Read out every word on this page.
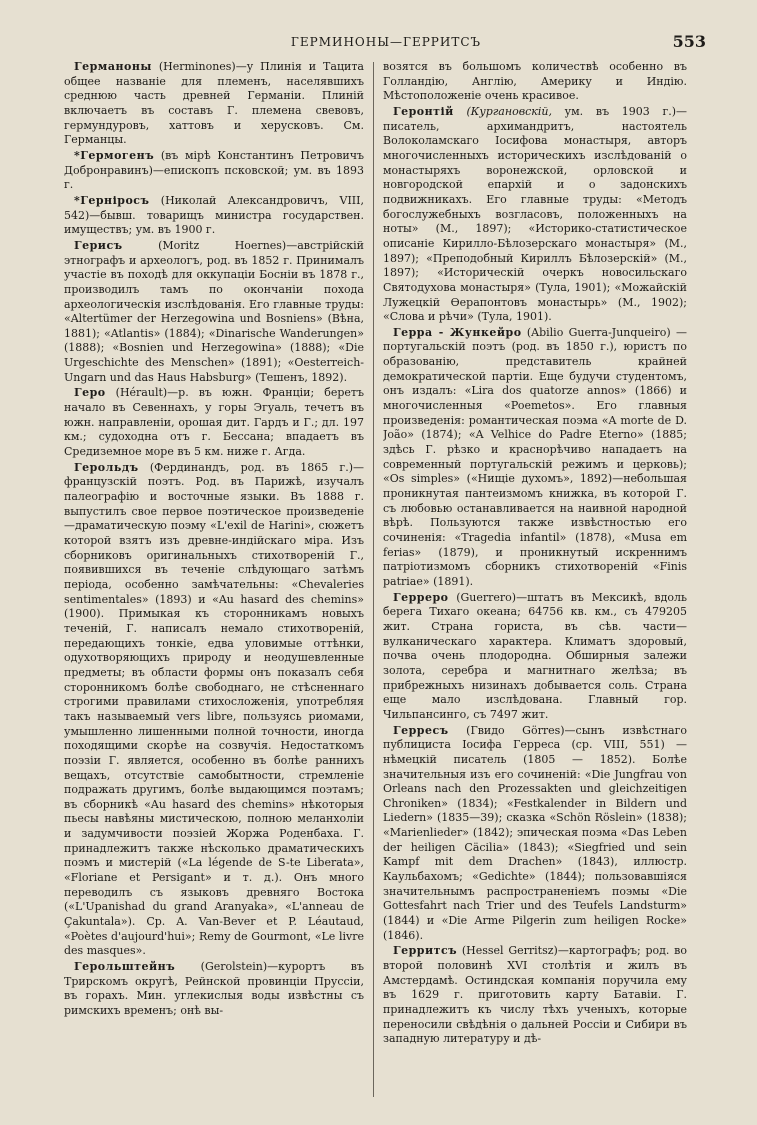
ГЕРМИНОНЫ—ГЕРРИТСЪ	553

Германоны (Herminones)—у Плинія и Тацита общее названіе для племенъ, населявшихъ среднюю часть древней Германіи. Плиній включаетъ въ составъ Г. племена свевовъ, гермундуровъ, хаттовъ и херусковъ. См. Германцы.

*Гермогенъ (въ мірѣ Константинъ Петровичъ Добронравинъ)—епископъ псковской; ум. въ 1893 г.

*Герніросъ (Николай Александровичъ, VIII, 542)—бывш. товарищъ министра государствен. имуществъ; ум. въ 1900 г.

Герисъ (Moritz Hoernes)—австрійскій этнографъ и археологъ, род. въ 1852 г. Принималъ участіе въ походѣ для оккупаціи Босніи въ 1878 г., производилъ тамъ по окончаніи похода археологическія изслѣдованія. Его главные труды: «Altertümer der Herzegowina und Bosniens» (Вѣна, 1881); «Atlantis» (1884); «Dinarische Wanderungen» (1888); «Bosnien und Herzegowina» (1888); «Die Urgeschichte des Menschen» (1891); «Oesterreich-Ungarn und das Haus Habsburg» (Тешенъ, 1892).

Геро (Hérault)—р. въ южн. Франціи; беретъ начало въ Севеннахъ, у горы Эгуаль, течетъ въ южн. направленіи, орошая дит. Гардъ и Г.; дл. 197 км.; судоходна отъ г. Бессана; впадаетъ въ Средиземное море въ 5 км. ниже г. Агда.

Герольдъ (Фердинандъ, род. въ 1865 г.)—французскій поэтъ. Род. въ Парижѣ, изучалъ палеографію и восточные языки. Въ 1888 г. выпустилъ свое первое поэтическое произведеніе —драматическую поэму «L'exil de Harini», сюжетъ которой взятъ изъ древне-индійскаго міра. Изъ сборниковъ оригинальныхъ стихотвореній Г., появившихся въ теченіе слѣдующаго затѣмъ періода, особенно замѣчательны: «Chevaleries sentimentales» (1893) и «Au hasard des chemins» (1900). Примыкая къ сторонникамъ новыхъ теченій, Г. написалъ немало стихотвореній, передающихъ тонкіе, едва уловимые оттѣнки, одухотворяющихъ природу и неодушевленные предметы; въ области формы онъ показалъ себя сторонникомъ болѣе свободнаго, не стѣсненнаго строгими правилами стихосложенія, употребляя такъ называемый vers libre, пользуясь риомами, умышленно лишенными полной точности, иногда походящими скорѣе на созвучія. Недостаткомъ поэзіи Г. является, особенно въ болѣе раннихъ вещахъ, отсутствіе самобытности, стремленіе подражать другимъ, болѣе выдающимся поэтамъ; въ сборникѣ «Au hasard des chemins» нѣкоторыя пьесы навѣяны мистическою, полною меланхоліи и задумчивости поэзіей Жоржа Роденбаха. Г. принадлежитъ также нѣсколько драматическихъ поэмъ и мистерій («La légende de S-te Liberata», «Floriane et Persigant» и т. д.). Онъ много переводилъ съ языковъ древняго Востока («L'Upanishad du grand Aranyaka», «L'anneau de Çakuntala»). Ср. A. Van-Bever et P. Léautaud, «Poètes d'aujourd'hui»; Remy de Gourmont, «Le livre des masques».

Герольштейнъ (Gerolstein)—курортъ въ Трирскомъ округѣ, Рейнской провинціи Пруссіи, въ горахъ. Мин. углекислыя воды извѣстны съ римскихъ временъ; онѣ вы-

возятся въ большомъ количествѣ особенно въ Голландію, Англію, Америку и Индію. Мѣстоположеніе очень красивое.

Геронтій (Кургановскій, ум. въ 1903 г.)—писатель, архимандритъ, настоятель Волоколамскаго Іосифова монастыря, авторъ многочисленныхъ историческихъ изслѣдованій о монастыряхъ воронежской, орловской и новгородской епархій и о задонскихъ подвижникахъ. Его главные труды: «Методъ богослужебныхъ возгласовъ, положенныхъ на ноты» (М., 1897); «Историко-статистическое описаніе Кирилло-Бѣлозерскаго монастыря» (М., 1897); «Преподобный Кириллъ Бѣлозерскій» (М., 1897); «Историческій очеркъ новосильскаго Святодухова монастыря» (Тула, 1901); «Можайскій Лужецкій Өерапонтовъ монастырь» (М., 1902); «Слова и рѣчи» (Тула, 1901).

Герра - Жункейро (Abilio Guerra-Junqueiro) — португальскій поэтъ (род. въ 1850 г.), юристъ по образованію, представитель крайней демократической партіи. Еще будучи студентомъ, онъ издалъ: «Lira dos quatorze annos» (1866) и многочисленныя «Poemetos». Его главныя произведенія: романтическая поэма «A morte de D. João» (1874); «A Velhice do Padre Eterno» (1885; здѣсь Г. рѣзко и краснорѣчиво нападаетъ на современный португальскій режимъ и церковь); «Os simples» («Нищіе духомъ», 1892)—небольшая проникнутая пантеизмомъ книжка, въ которой Г. съ любовью останавливается на наивной народной вѣрѣ. Пользуются также извѣстностью его сочиненія: «Tragedia infantil» (1878), «Musa em ferias» (1879), и проникнутый искреннимъ патріотизмомъ сборникъ стихотвореній «Finis patriae» (1891).

Герреро (Guerrero)—штатъ въ Мексикѣ, вдоль берега Тихаго океана; 64756 кв. км., съ 479205 жит. Страна гориста, въ сѣв. части—вулканическаго характера. Климатъ здоровый, почва очень плодородна. Обширныя залежи золота, серебра и магнитнаго желѣза; въ прибрежныхъ низинахъ добывается соль. Страна еще мало изслѣдована. Главный гор. Чильпансинго, съ 7497 жит.

Герресъ (Гвидо Görres)—сынъ извѣстнаго публициста Іосифа Герреса (ср. VIII, 551) — нѣмецкій писатель (1805 — 1852). Болѣе значительныя изъ его сочиненій: «Die Jungfrau von Orleans nach den Prozessakten und gleichzeitigen Chroniken» (1834); «Festkalender in Bildern und Liedern» (1835—39); сказка «Schön Röslein» (1838); «Marienlieder» (1842); эпическая поэма «Das Leben der heiligen Cäcilia» (1843); «Siegfried und sein Kampf mit dem Drachen» (1843), иллюстр. Каульбахомъ; «Gedichte» (1844); пользовавшіяся значительнымъ распространеніемъ поэмы «Die Gottesfahrt nach Trier und des Teufels Landsturm» (1844) и «Die Arme Pilgerin zum heiligen Rocke» (1846).

Герритсъ (Hessel Gerritsz)—картографъ; род. во второй половинѣ XVI столѣтія и жилъ въ Амстердамѣ. Остиндская компанія поручила ему въ 1629 г. приготовить карту Батавіи. Г. принадлежитъ къ числу тѣхъ ученыхъ, которые переносили свѣдѣнія о дальней Россіи и Сибири въ западную литературу и дѣ-
